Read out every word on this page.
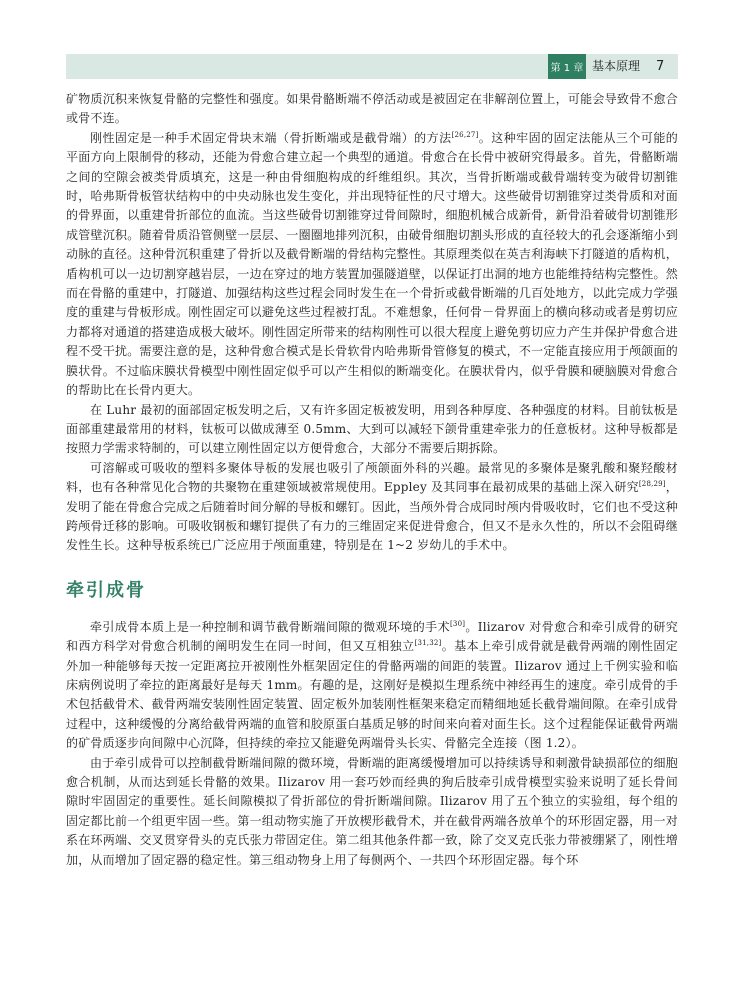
第 1 章 基本原理 7

矿物质沉积来恢复骨骼的完整性和强度。如果骨骼断端不停活动或是被固定在非解剖位置上，可能会导致骨不愈合或骨不连。

刚性固定是一种手术固定骨块末端（骨折断端或是截骨端）的方法[26,27]。这种牢固的固定法能从三个可能的平面方向上限制骨的移动，还能为骨愈合建立起一个典型的通道。骨愈合在长骨中被研究得最多。首先，骨骼断端之间的空隙会被类骨质填充，这是一种由骨细胞构成的纤维组织。其次，当骨折断端或截骨端转变为破骨切割锥时，哈弗斯骨板管状结构中的中央动脉也发生变化，并出现特征性的尺寸增大。这些破骨切割锥穿过类骨质和对面的骨界面，以重建骨折部位的血流。当这些破骨切割锥穿过骨间隙时，细胞机械合成新骨，新骨沿着破骨切割锥形成管壁沉积。随着骨质沿管侧壁一层层、一圈圈地排列沉积，由破骨细胞切割头形成的直径较大的孔会逐渐缩小到动脉的直径。这种骨沉积重建了骨折以及截骨断端的骨结构完整性。其原理类似在英吉利海峡下打隧道的盾构机，盾构机可以一边切割穿越岩层，一边在穿过的地方装置加强隧道壁，以保证打出洞的地方也能维持结构完整性。然而在骨骼的重建中，打隧道、加强结构这些过程会同时发生在一个骨折或截骨断端的几百处地方，以此完成力学强度的重建与骨板形成。刚性固定可以避免这些过程被打乱。不难想象，任何骨－骨界面上的横向移动或者是剪切应力都将对通道的搭建造成极大破坏。刚性固定所带来的结构刚性可以很大程度上避免剪切应力产生并保护骨愈合进程不受干扰。需要注意的是，这种骨愈合模式是长骨软骨内哈弗斯骨管修复的模式，不一定能直接应用于颅颌面的膜状骨。不过临床膜状骨模型中刚性固定似乎可以产生相似的断端变化。在膜状骨内，似乎骨膜和硬脑膜对骨愈合的帮助比在长骨内更大。

在 Luhr 最初的面部固定板发明之后，又有许多固定板被发明，用到各种厚度、各种强度的材料。目前钛板是面部重建最常用的材料，钛板可以做成薄至 0.5mm、大到可以减轻下颌骨重建牵张力的任意板材。这种导板都是按照力学需求特制的，可以建立刚性固定以方便骨愈合，大部分不需要后期拆除。

可溶解或可吸收的塑料多聚体导板的发展也吸引了颅颌面外科的兴趣。最常见的多聚体是聚乳酸和聚羟酸材料，也有各种常见化合物的共聚物在重建领域被常规使用。Eppley 及其同事在最初成果的基础上深入研究[28,29]，发明了能在骨愈合完成之后随着时间分解的导板和螺钉。因此，当颅外骨合成同时颅内骨吸收时，它们也不受这种跨颅骨迁移的影响。可吸收钢板和螺钉提供了有力的三维固定来促进骨愈合，但又不是永久性的，所以不会阻碍继发性生长。这种导板系统已广泛应用于颅面重建，特别是在 1~2 岁幼儿的手术中。

牵引成骨

牵引成骨本质上是一种控制和调节截骨断端间隙的微观环境的手术[30]。Ilizarov 对骨愈合和牵引成骨的研究和西方科学对骨愈合机制的阐明发生在同一时间，但又互相独立[31,32]。基本上牵引成骨就是截骨两端的刚性固定外加一种能够每天按一定距离拉开被刚性外框架固定住的骨骼两端的间距的装置。Ilizarov 通过上千例实验和临床病例说明了牵拉的距离最好是每天 1mm。有趣的是，这刚好是模拟生理系统中神经再生的速度。牵引成骨的手术包括截骨术、截骨两端安装刚性固定装置、固定板外加装刚性框架来稳定而精细地延长截骨端间隙。在牵引成骨过程中，这种缓慢的分离给截骨两端的血管和胶原蛋白基质足够的时间来向着对面生长。这个过程能保证截骨两端的矿骨质逐步向间隙中心沉降，但持续的牵拉又能避免两端骨头长实、骨骼完全连接（图 1.2）。

由于牵引成骨可以控制截骨断端间隙的微环境，骨断端的距离缓慢增加可以持续诱导和刺激骨缺损部位的细胞愈合机制，从而达到延长骨骼的效果。Ilizarov 用一套巧妙而经典的狗后肢牵引成骨模型实验来说明了延长骨间隙时牢固固定的重要性。延长间隙模拟了骨折部位的骨折断端间隙。Ilizarov 用了五个独立的实验组，每个组的固定都比前一个组更牢固一些。第一组动物实施了开放楔形截骨术，并在截骨两端各放单个的环形固定器，用一对系在环两端、交叉贯穿骨头的克氏张力带固定住。第二组其他条件都一致，除了交叉克氏张力带被绷紧了，刚性增加，从而增加了固定器的稳定性。第三组动物身上用了每侧两个、一共四个环形固定器。每个环
